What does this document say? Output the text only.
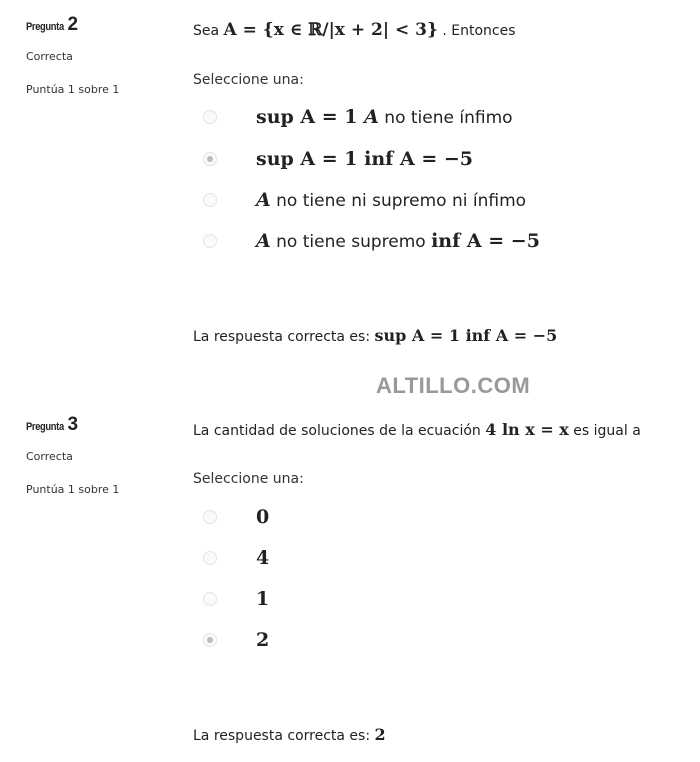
Pregunta 2
Correcta
Puntúa 1 sobre 1
Sea A = {x ∈ ℝ/|x + 2| < 3} . Entonces
Seleccione una:
sup A = 1 A no tiene ínfimo
sup A = 1 inf A = −5
A no tiene ni supremo ni ínfimo
A no tiene supremo inf A = −5
La respuesta correcta es: sup A = 1 inf A = −5
ALTILLO.COM
Pregunta 3
Correcta
Puntúa 1 sobre 1
La cantidad de soluciones de la ecuación 4 ln x = x es igual a
Seleccione una:
0
4
1
2
La respuesta correcta es: 2
